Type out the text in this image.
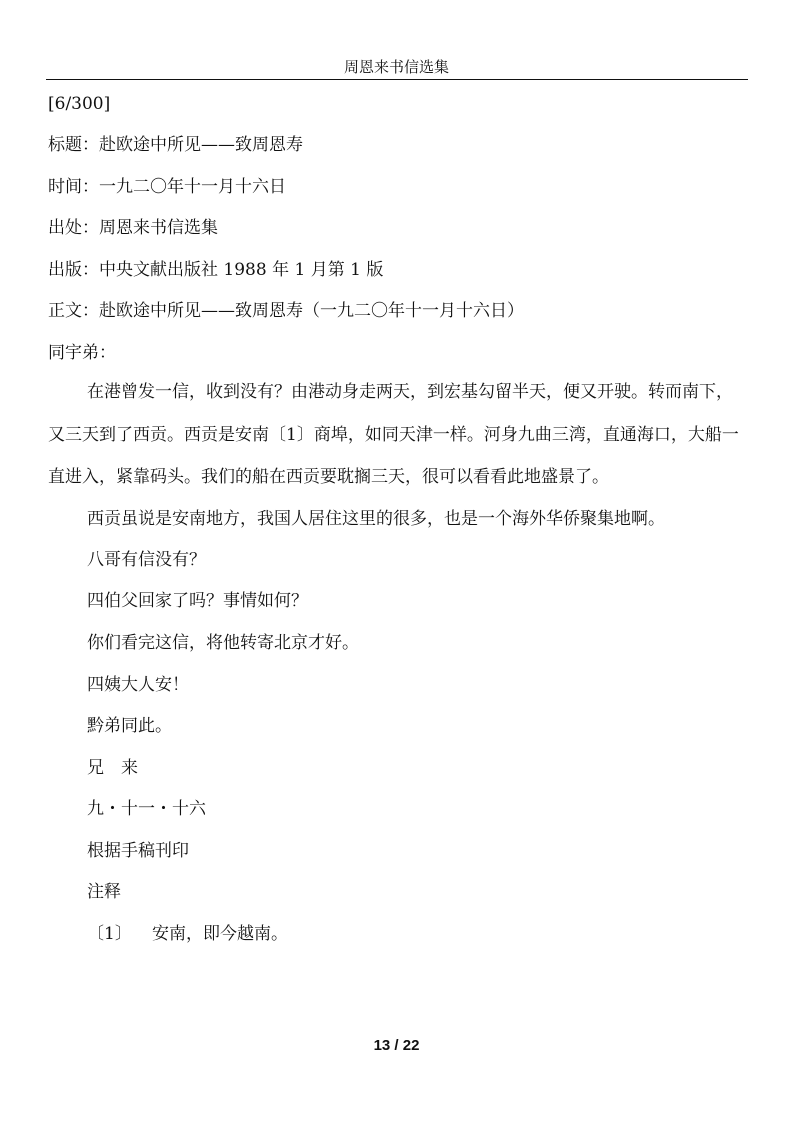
周恩来书信选集
[6/300]
标题：赴欧途中所见——致周恩寿
时间：一九二〇年十一月十六日
出处：周恩来书信选集
出版：中央文献出版社 1988 年 1 月第 1 版
正文：赴欧途中所见——致周恩寿（一九二〇年十一月十六日）
同宇弟：
在港曾发一信，收到没有？由港动身走两天，到宏基勾留半天，便又开驶。转而南下，又三天到了西贡。西贡是安南〔1〕商埠，如同天津一样。河身九曲三湾，直通海口，大船一直进入，紧靠码头。我们的船在西贡要耽搁三天，很可以看看此地盛景了。
西贡虽说是安南地方，我国人居住这里的很多，也是一个海外华侨聚集地啊。
八哥有信没有？
四伯父回家了吗？事情如何？
你们看完这信，将他转寄北京才好。
四姨大人安！
黔弟同此。
兄　来
九・十一・十六
根据手稿刊印
注释
〔1〕 安南，即今越南。
13 / 22
